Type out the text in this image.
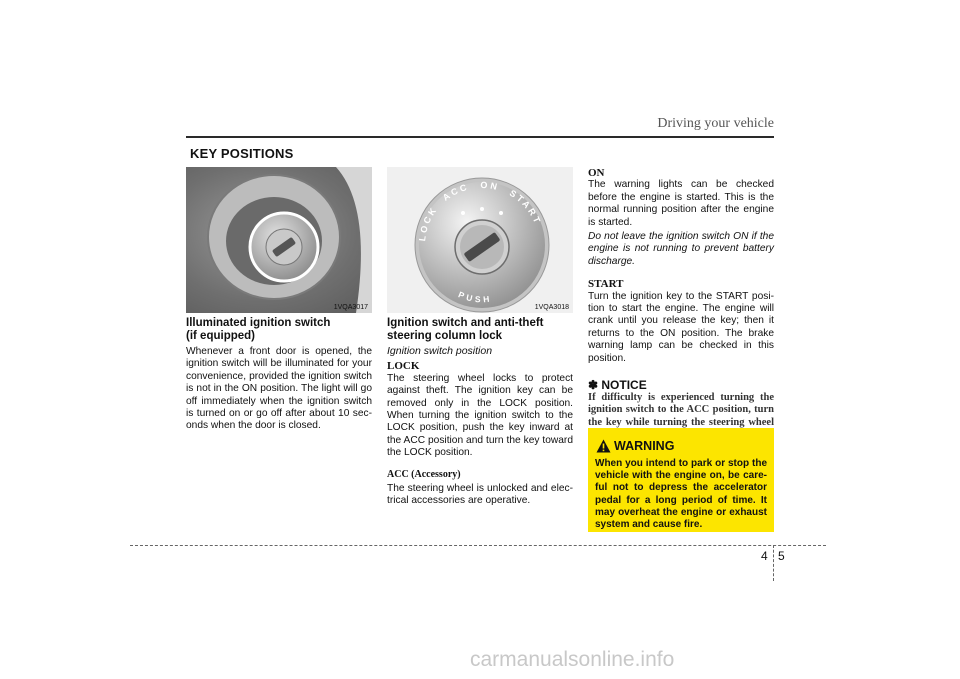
Driving your vehicle
KEY POSITIONS
1VQA3017
Illuminated ignition switch
(if equipped)

Whenever a front door is opened, the ignition switch will be illuminated for your convenience, provided the ignition switch is not in the ON position. The light will go off immediately when the ignition switch is turned on or go off after about 10 sec-onds when the door is closed.

LOCK ACC ON START
PUSH
1VQA3018
Ignition switch and anti-theft
steering column lock

Ignition switch position

LOCK

The steering wheel locks to protect against theft. The ignition key can be removed only in the LOCK position. When turning the ignition switch to the LOCK position, push the key inward at the ACC position and turn the key toward the LOCK position.

ACC (Accessory)

The steering wheel is unlocked and elec-trical accessories are operative.

ON

The warning lights can be checked before the engine is started. This is the normal running position after the engine is started.

Do not leave the ignition switch ON if the engine is not running to prevent battery discharge.

START

Turn the ignition key to the START posi-tion to start the engine. The engine will crank until you release the key; then it returns to the ON position. The brake warning lamp can be checked in this position.

✽ NOTICE

If difficulty is experienced turning the ignition switch to the ACC position, turn the key while turning the steering wheel

WARNING
When you intend to park or stop the vehicle with the engine on, be care-ful not to depress the accelerator pedal for a long period of time. It may overheat the engine or exhaust system and cause fire.
4 5
carmanualsonline.info
